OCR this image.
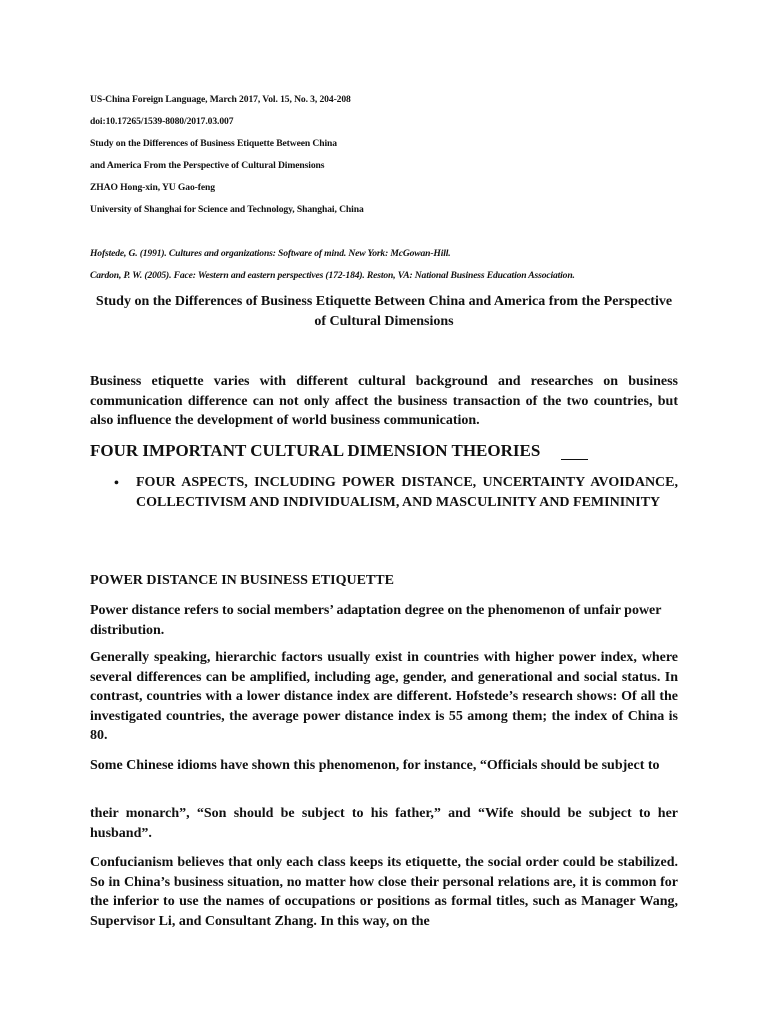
US-China Foreign Language, March 2017, Vol. 15, No. 3, 204-208
doi:10.17265/1539-8080/2017.03.007
Study on the Differences of Business Etiquette Between China
and America From the Perspective of Cultural Dimensions
ZHAO Hong-xin, YU Gao-feng
University of Shanghai for Science and Technology, Shanghai, China
Hofstede, G. (1991). Cultures and organizations: Software of mind. New York: McGowan-Hill.
Cardon, P. W. (2005). Face: Western and eastern perspectives (172-184). Reston, VA: National Business Education Association.
Study on the Differences of Business Etiquette Between China and America from the Perspective of Cultural Dimensions
Business etiquette varies with different cultural background and researches on business communication difference can not only affect the business transaction of the two countries, but also influence the development of world business communication.
FOUR IMPORTANT CULTURAL DIMENSION THEORIES
• FOUR ASPECTS, INCLUDING POWER DISTANCE, UNCERTAINTY AVOIDANCE, COLLECTIVISM AND INDIVIDUALISM, AND MASCULINITY AND FEMININITY
POWER DISTANCE IN BUSINESS ETIQUETTE
Power distance refers to social members’ adaptation degree on the phenomenon of unfair power distribution.
Generally speaking, hierarchic factors usually exist in countries with higher power index, where several differences can be amplified, including age, gender, and generational and social status. In contrast, countries with a lower distance index are different. Hofstede’s research shows: Of all the investigated countries, the average power distance index is 55 among them; the index of China is 80.
Some Chinese idioms have shown this phenomenon, for instance, “Officials should be subject to
their monarch”, “Son should be subject to his father,” and “Wife should be subject to her husband”.
Confucianism believes that only each class keeps its etiquette, the social order could be stabilized. So in China’s business situation, no matter how close their personal relations are, it is common for the inferior to use the names of occupations or positions as formal titles, such as Manager Wang, Supervisor Li, and Consultant Zhang. In this way, on the
